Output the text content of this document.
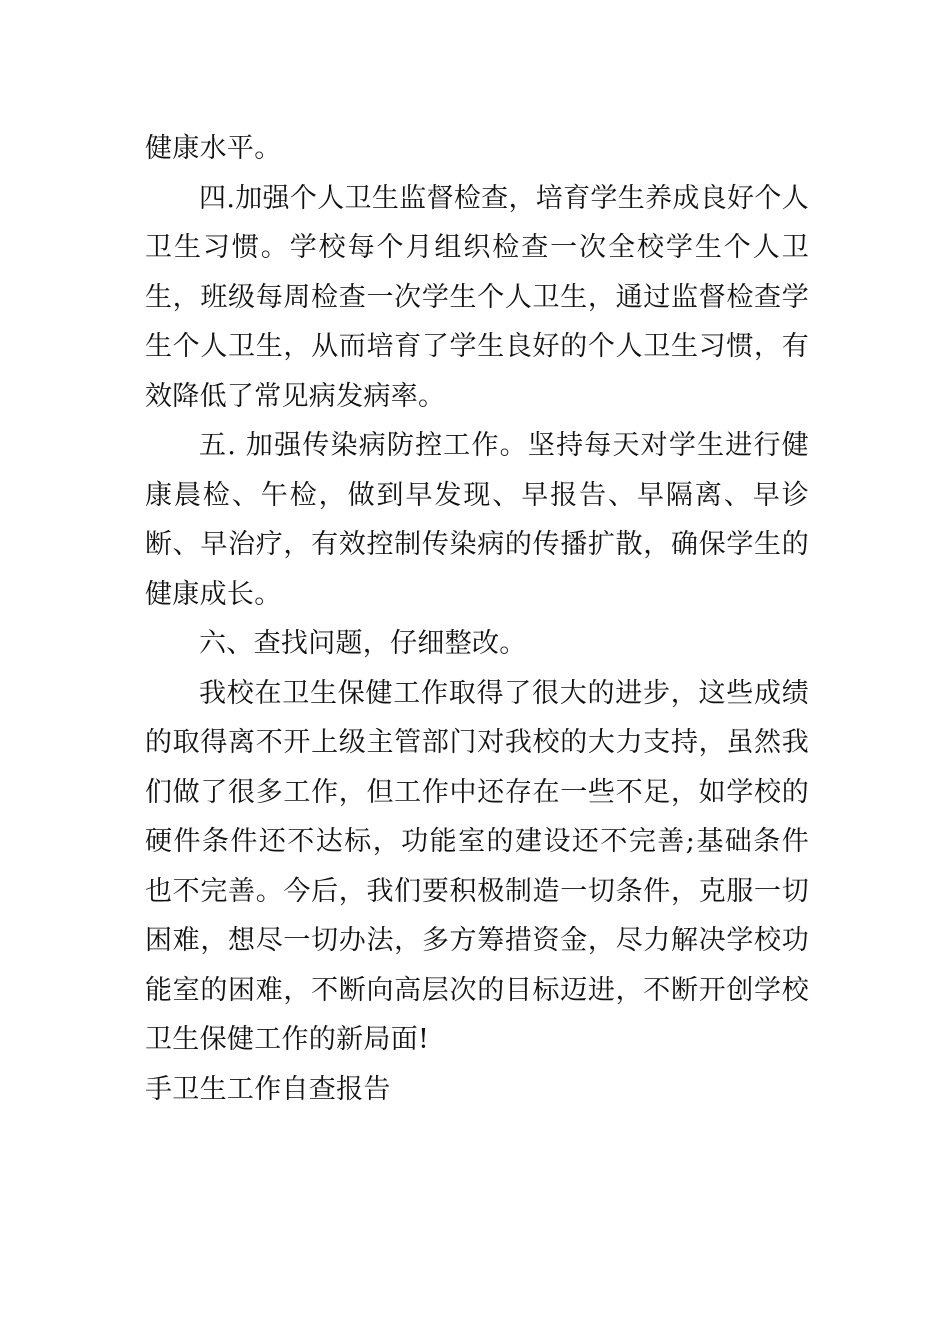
健康水平。

四.加强个人卫生监督检查，培育学生养成良好个人卫生习惯。学校每个月组织检查一次全校学生个人卫生，班级每周检查一次学生个人卫生，通过监督检查学生个人卫生，从而培育了学生良好的个人卫生习惯，有效降低了常见病发病率。

五. 加强传染病防控工作。坚持每天对学生进行健康晨检、午检，做到早发现、早报告、早隔离、早诊断、早治疗，有效控制传染病的传播扩散，确保学生的健康成长。

六、查找问题，仔细整改。

我校在卫生保健工作取得了很大的进步，这些成绩的取得离不开上级主管部门对我校的大力支持，虽然我们做了很多工作，但工作中还存在一些不足，如学校的硬件条件还不达标，功能室的建设还不完善;基础条件也不完善。今后，我们要积极制造一切条件，克服一切困难，想尽一切办法，多方筹措资金，尽力解决学校功能室的困难，不断向高层次的目标迈进，不断开创学校卫生保健工作的新局面!

手卫生工作自查报告
